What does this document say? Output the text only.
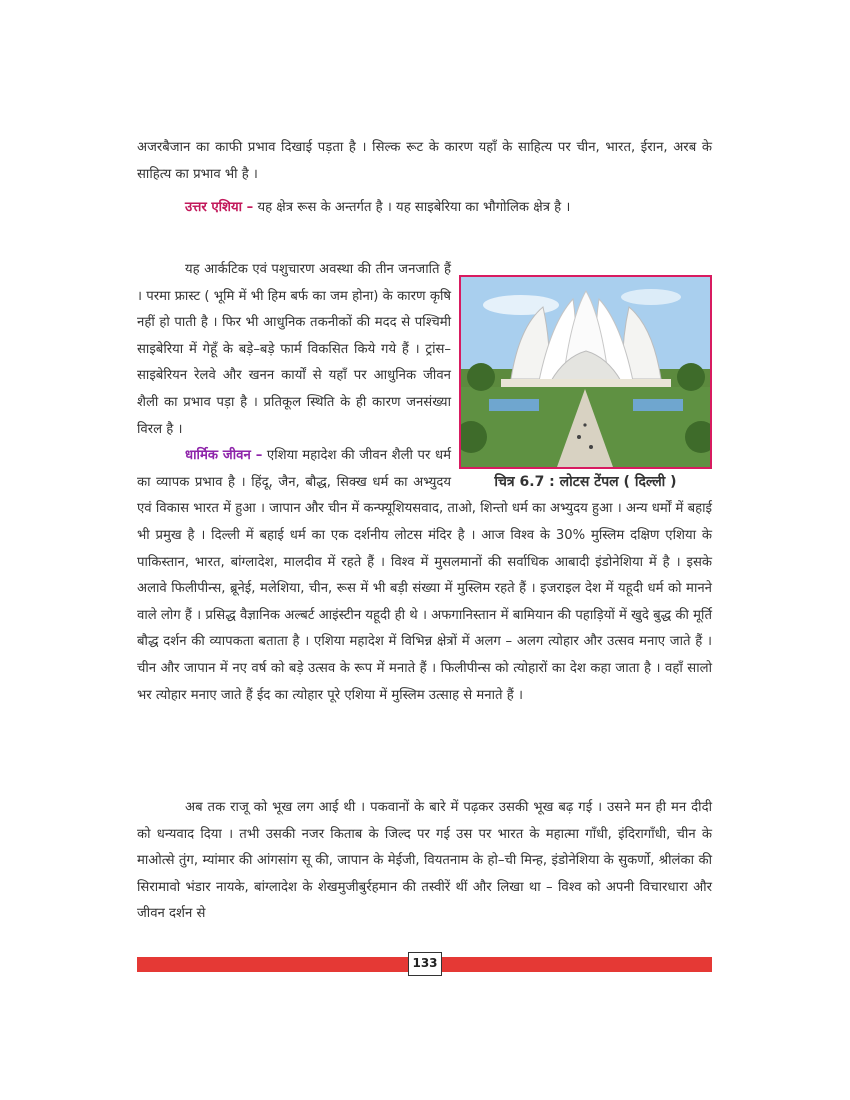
अजरबैजान का काफी प्रभाव दिखाई पड़ता है । सिल्क रूट के कारण यहाँ के साहित्य पर चीन, भारत, ईरान, अरब के साहित्य का प्रभाव भी है ।

उत्तर एशिया – यह क्षेत्र रूस के अन्तर्गत है । यह साइबेरिया का भौगोलिक क्षेत्र है ।

चित्र 6.7 : लोटस टेंपल ( दिल्ली )

यह आर्कटिक एवं पशुचारण अवस्था की तीन जनजाति हैं । परमा फ्रास्ट ( भूमि में भी हिम बर्फ का जम होना) के कारण कृषि नहीं हो पाती है । फिर भी आधुनिक तकनीकों की मदद से पश्चिमी साइबेरिया में गेहूँ के बड़े–बड़े फार्म विकसित किये गये हैं । ट्रांस–साइबेरियन रेलवे और खनन कार्यों से यहाँ पर आधुनिक जीवन शैली का प्रभाव पड़ा है । प्रतिकूल स्थिति के ही कारण जनसंख्या विरल है ।

धार्मिक जीवन – एशिया महादेश की जीवन शैली पर धर्म का व्यापक प्रभाव है । हिंदू, जैन, बौद्ध, सिक्ख धर्म का अभ्युदय एवं विकास भारत में हुआ । जापान और चीन में कन्फ्यूशियसवाद, ताओ, शिन्तो धर्म का अभ्युदय हुआ । अन्य धर्मों में बहाई भी प्रमुख है । दिल्ली में बहाई धर्म का एक दर्शनीय लोटस मंदिर है । आज विश्व के 30% मुस्लिम दक्षिण एशिया के पाकिस्तान, भारत, बांग्लादेश, मालदीव में रहते हैं । विश्व में मुसलमानों की सर्वाधिक आबादी इंडोनेशिया में है । इसके अलावे फिलीपीन्स, ब्रूनेई, मलेशिया, चीन, रूस में भी बड़ी संख्या में मुस्लिम रहते हैं । इजराइल देश में यहूदी धर्म को मानने वाले लोग हैं । प्रसिद्ध वैज्ञानिक अल्बर्ट आइंस्टीन यहूदी ही थे । अफगानिस्तान में बामियान की पहाड़ियों में खुदे बुद्ध की मूर्ति बौद्ध दर्शन की व्यापकता बताता है । एशिया महादेश में विभिन्न क्षेत्रों में अलग – अलग त्योहार और उत्सव मनाए जाते हैं । चीन और जापान में नए वर्ष को बड़े उत्सव के रूप में मनाते हैं । फिलीपीन्स को त्योहारों का देश कहा जाता है । वहाँ सालो भर त्योहार मनाए जाते हैं ईद का त्योहार पूरे एशिया में मुस्लिम उत्साह से मनाते हैं ।

अब तक राजू को भूख लग आई थी । पकवानों के बारे में पढ़कर उसकी भूख बढ़ गई । उसने मन ही मन दीदी को धन्यवाद दिया । तभी उसकी नजर किताब के जिल्द पर गई उस पर भारत के महात्मा गाँधी, इंदिरागाँधी, चीन के माओत्से तुंग, म्यांमार की आंगसांग सू की, जापान के मेईजी, वियतनाम के हो–ची मिन्ह, इंडोनेशिया के सुकर्णो, श्रीलंका की सिरामावो भंडार नायके, बांग्लादेश के शेखमुजीबुर्रहमान की तस्वीरें थीं और लिखा था – विश्व को अपनी विचारधारा और जीवन दर्शन से

133
